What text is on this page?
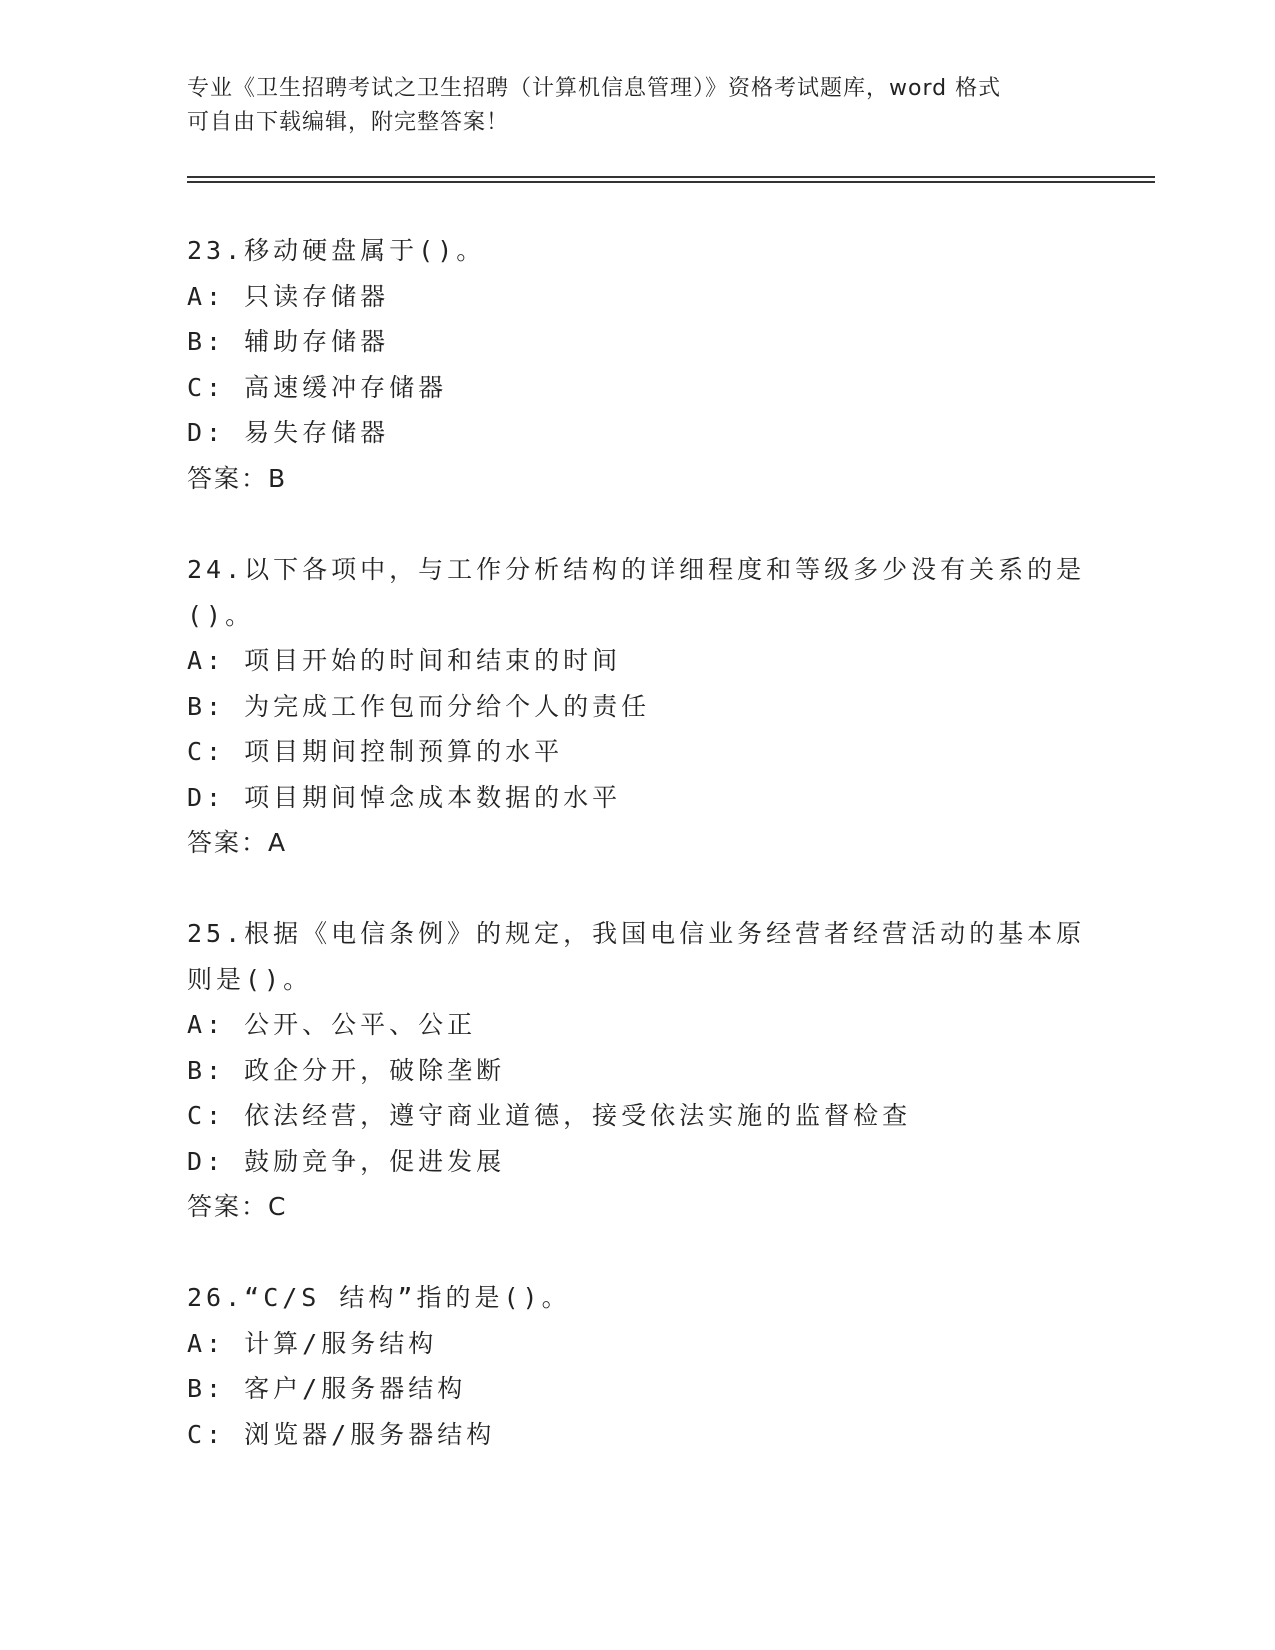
专业《卫生招聘考试之卫生招聘（计算机信息管理）》资格考试题库，word 格式
可自由下载编辑，附完整答案！
23.移动硬盘属于()。
A: 只读存储器
B: 辅助存储器
C: 高速缓冲存储器
D: 易失存储器
答案：B
24.以下各项中，与工作分析结构的详细程度和等级多少没有关系的是
()。
A: 项目开始的时间和结束的时间
B: 为完成工作包而分给个人的责任
C: 项目期间控制预算的水平
D: 项目期间悼念成本数据的水平
答案：A
25.根据《电信条例》的规定，我国电信业务经营者经营活动的基本原
则是()。
A: 公开、公平、公正
B: 政企分开，破除垄断
C: 依法经营，遵守商业道德，接受依法实施的监督检查
D: 鼓励竞争，促进发展
答案：C
26.“C/S 结构”指的是()。
A: 计算/服务结构
B: 客户/服务器结构
C: 浏览器/服务器结构
